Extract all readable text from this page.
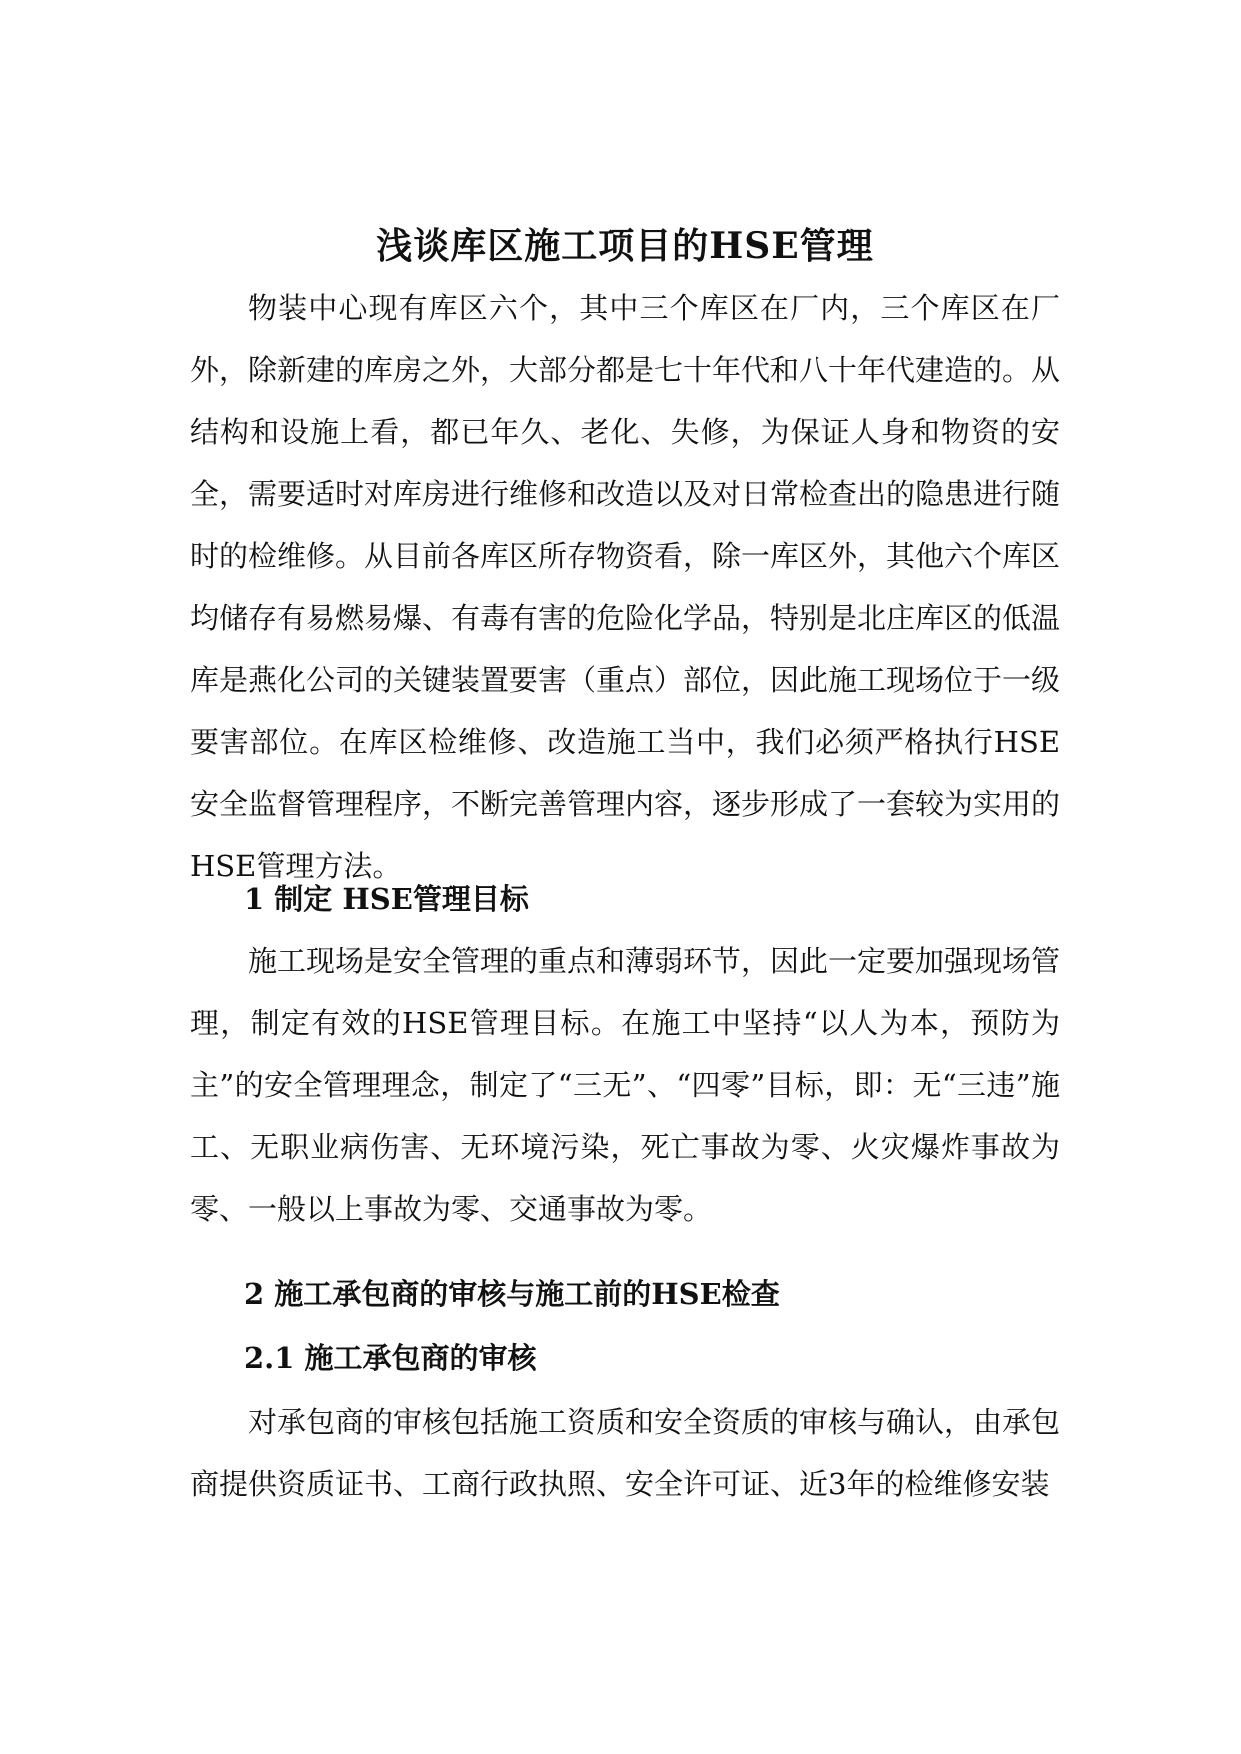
浅谈库区施工项目的HSE管理

物装中心现有库区六个，其中三个库区在厂内，三个库区在厂外，除新建的库房之外，大部分都是七十年代和八十年代建造的。从结构和设施上看，都已年久、老化、失修，为保证人身和物资的安全，需要适时对库房进行维修和改造以及对日常检查出的隐患进行随时的检维修。从目前各库区所存物资看，除一库区外，其他六个库区均储存有易燃易爆、有毒有害的危险化学品，特别是北庄库区的低温库是燕化公司的关键装置要害（重点）部位，因此施工现场位于一级要害部位。在库区检维修、改造施工当中，我们必须严格执行HSE安全监督管理程序，不断完善管理内容，逐步形成了一套较为实用的HSE管理方法。

1 制定 HSE管理目标

施工现场是安全管理的重点和薄弱环节，因此一定要加强现场管理，制定有效的HSE管理目标。在施工中坚持“以人为本，预防为主”的安全管理理念，制定了“三无”、“四零”目标，即：无“三违”施工、无职业病伤害、无环境污染，死亡事故为零、火灾爆炸事故为零、一般以上事故为零、交通事故为零。

2 施工承包商的审核与施工前的HSE检查
2.1 施工承包商的审核

对承包商的审核包括施工资质和安全资质的审核与确认，由承包商提供资质证书、工商行政执照、安全许可证、近3年的检维修安装
